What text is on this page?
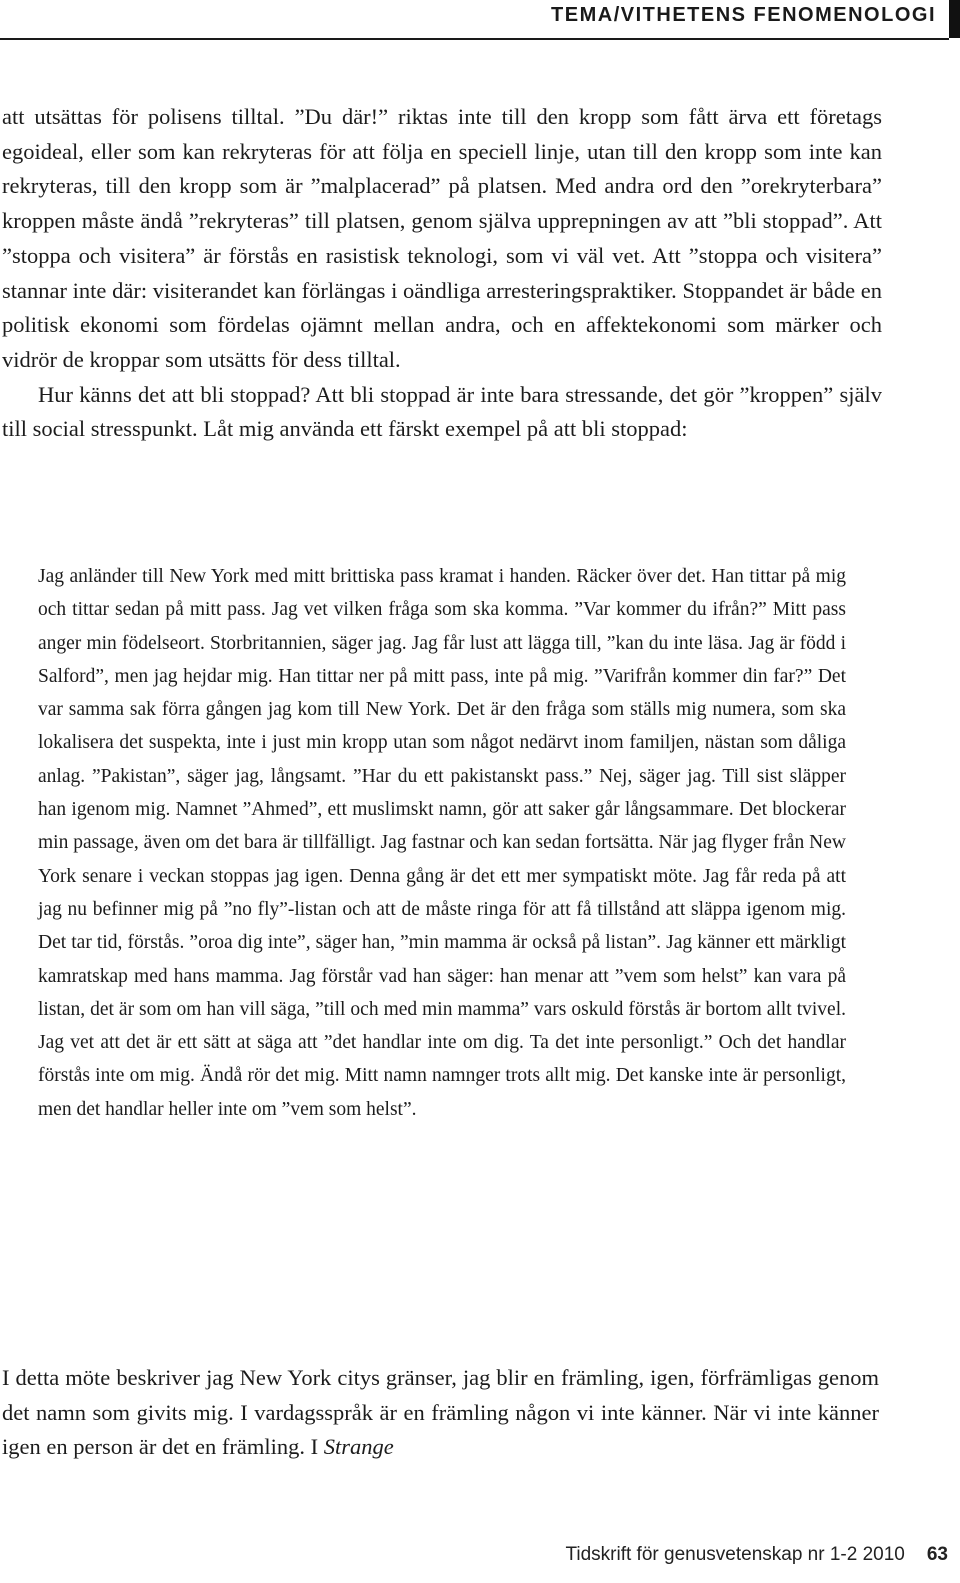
TEMA/VITHETENS FENOMENOLOGI

att utsättas för polisens tilltal. ”Du där!” riktas inte till den kropp som fått ärva ett företags egoideal, eller som kan rekryteras för att följa en speciell linje, utan till den kropp som inte kan rekryteras, till den kropp som är ”malplacerad” på platsen. Med andra ord den ”orekryterbara” kroppen måste ändå ”rekryteras” till platsen, genom själva upprepningen av att ”bli stoppad”. Att ”stoppa och visitera” är förstås en rasistisk teknologi, som vi väl vet. Att ”stoppa och visitera” stannar inte där: visiterandet kan förlängas i oändliga arresteringspraktiker. Stoppandet är både en politisk ekonomi som fördelas ojämnt mellan andra, och en affektekonomi som märker och vidrör de kroppar som utsätts för dess tilltal.

Hur känns det att bli stoppad? Att bli stoppad är inte bara stressande, det gör ”kroppen” själv till social stresspunkt. Låt mig använda ett färskt exempel på att bli stoppad:

Jag anländer till New York med mitt brittiska pass kramat i handen. Räcker över det. Han tittar på mig och tittar sedan på mitt pass. Jag vet vilken fråga som ska komma. ”Var kommer du ifrån?” Mitt pass anger min födelseort. Storbritannien, säger jag. Jag får lust att lägga till, ”kan du inte läsa. Jag är född i Salford”, men jag hejdar mig. Han tittar ner på mitt pass, inte på mig. ”Varifrån kommer din far?” Det var samma sak förra gången jag kom till New York. Det är den fråga som ställs mig numera, som ska lokalisera det suspekta, inte i just min kropp utan som något nedärvt inom familjen, nästan som dåliga anlag. ”Pakistan”, säger jag, långsamt. ”Har du ett pakistanskt pass.” Nej, säger jag. Till sist släpper han igenom mig. Namnet ”Ahmed”, ett muslimskt namn, gör att saker går långsammare. Det blockerar min passage, även om det bara är tillfälligt. Jag fastnar och kan sedan fortsätta. När jag flyger från New York senare i veckan stoppas jag igen. Denna gång är det ett mer sympatiskt möte. Jag får reda på att jag nu befinner mig på ”no fly”-listan och att de måste ringa för att få tillstånd att släppa igenom mig. Det tar tid, förstås. ”oroa dig inte”, säger han, ”min mamma är också på listan”. Jag känner ett märkligt kamratskap med hans mamma. Jag förstår vad han säger: han menar att ”vem som helst” kan vara på listan, det är som om han vill säga, ”till och med min mamma” vars oskuld förstås är bortom allt tvivel. Jag vet att det är ett sätt at säga att ”det handlar inte om dig. Ta det inte personligt.” Och det handlar förstås inte om mig. Ändå rör det mig. Mitt namn namnger trots allt mig. Det kanske inte är personligt, men det handlar heller inte om ”vem som helst”.

I detta möte beskriver jag New York citys gränser, jag blir en främling, igen, förfrämligas genom det namn som givits mig. I vardagsspråk är en främling någon vi inte känner. När vi inte känner igen en person är det en främling. I Strange

Tidskrift för genusvetenskap nr 1-2 2010 63
